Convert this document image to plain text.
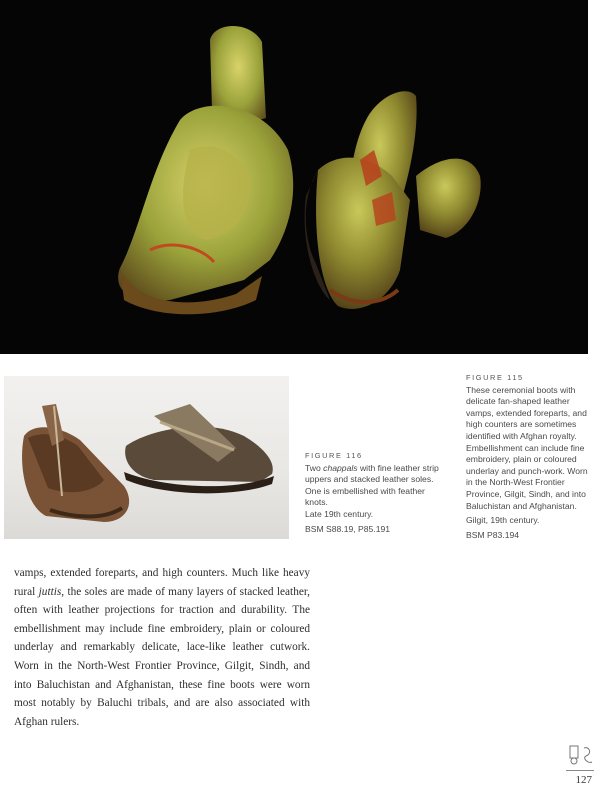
FIGURE 115
These ceremonial boots with delicate fan-shaped leather vamps, extended foreparts, and high counters are sometimes identified with Afghan royalty. Embellishment can include fine embroidery, plain or coloured underlay and punch-work. Worn in the North-West Frontier Province, Gilgit, Sindh, and into Baluchistan and Afghanistan.
Gilgit, 19th century.
BSM P83.194
FIGURE 116
Two chappals with fine leather strip uppers and stacked leather soles. One is embellished with feather knots.
Late 19th century.
BSM S88.19, P85.191
vamps, extended foreparts, and high counters. Much like heavy rural juttis, the soles are made of many layers of stacked leather, often with leather projections for traction and durability. The embellishment may include fine embroidery, plain or coloured underlay and remarkably delicate, lace-like leather cutwork. Worn in the North-West Frontier Province, Gilgit, Sindh, and into Baluchistan and Afghanistan, these fine boots were worn most notably by Baluchi tribals, and are also associated with Afghan rulers.
127
